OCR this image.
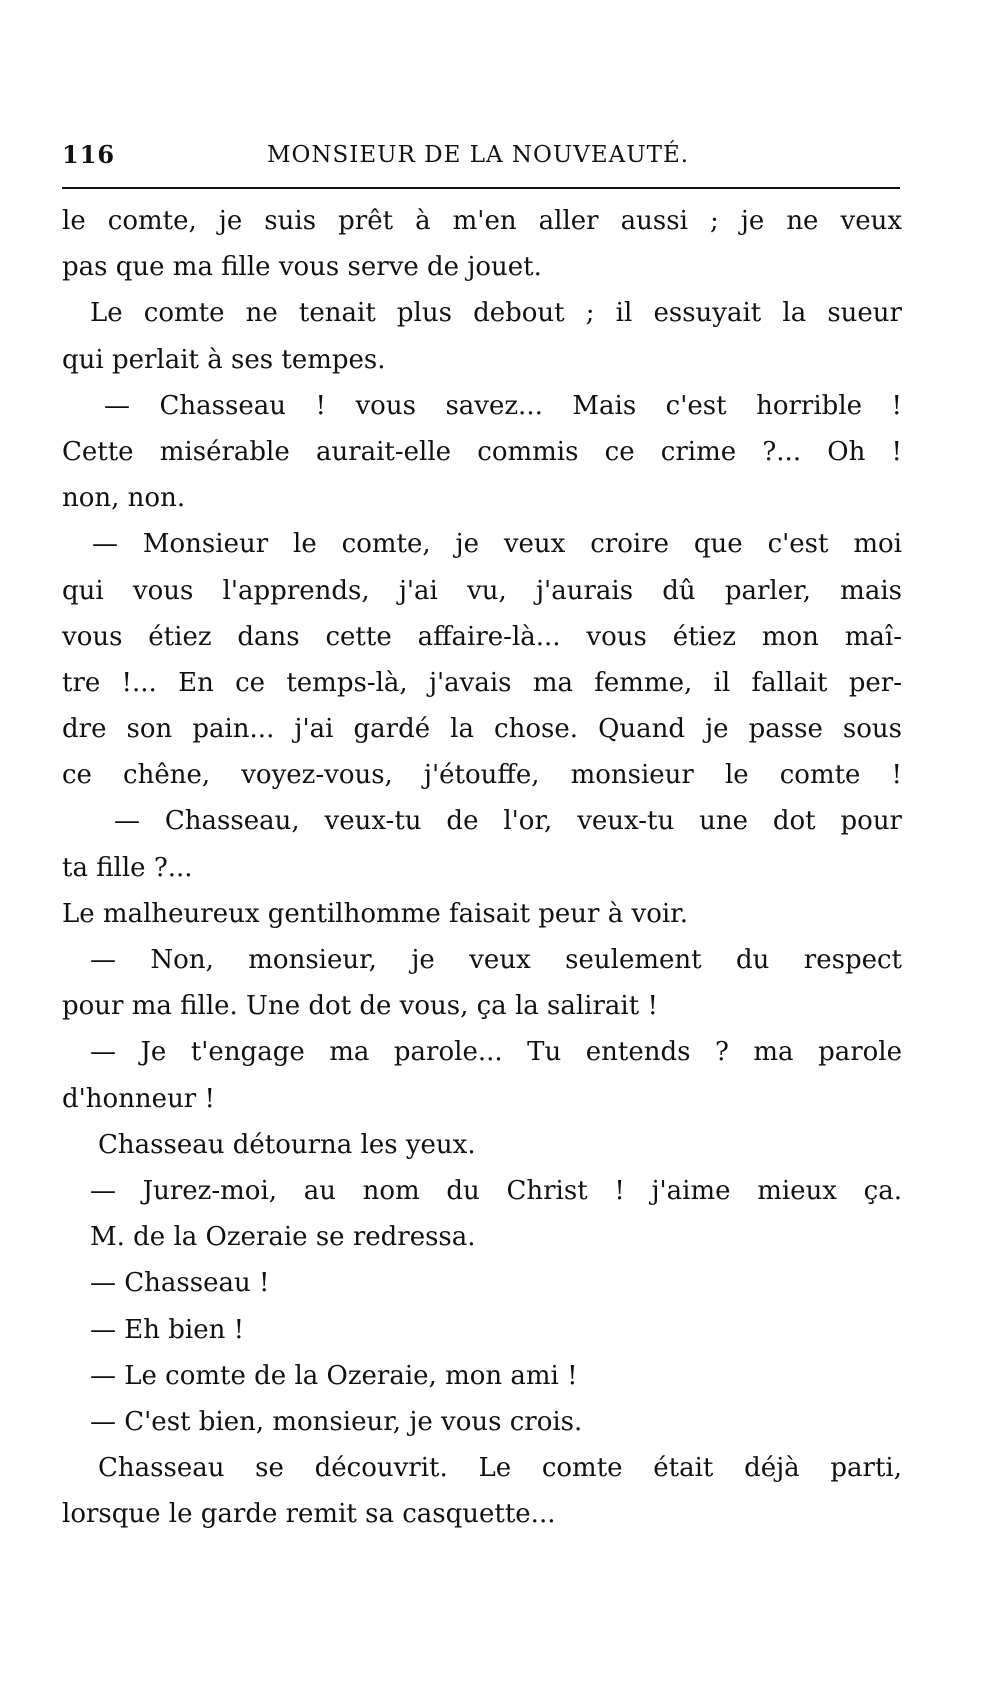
116	MONSIEUR DE LA NOUVEAUTÉ.
le comte, je suis prêt à m'en aller aussi ; je ne veux
pas que ma fille vous serve de jouet.
Le comte ne tenait plus debout ; il essuyait la sueur
qui perlait à ses tempes.
— Chasseau ! vous savez... Mais c'est horrible !
Cette misérable aurait-elle commis ce crime ?... Oh !
non, non.
— Monsieur le comte, je veux croire que c'est moi
qui vous l'apprends, j'ai vu, j'aurais dû parler, mais
vous étiez dans cette affaire-là... vous étiez mon maî-
tre !... En ce temps-là, j'avais ma femme, il fallait per-
dre son pain... j'ai gardé la chose. Quand je passe sous
ce chêne, voyez-vous, j'étouffe, monsieur le comte !
— Chasseau, veux-tu de l'or, veux-tu une dot pour
ta fille ?...
Le malheureux gentilhomme faisait peur à voir.
— Non, monsieur, je veux seulement du respect
pour ma fille. Une dot de vous, ça la salirait !
— Je t'engage ma parole... Tu entends ? ma parole
d'honneur !
Chasseau détourna les yeux.
— Jurez-moi, au nom du Christ ! j'aime mieux ça.
M. de la Ozeraie se redressa.
— Chasseau !
— Eh bien !
— Le comte de la Ozeraie, mon ami !
— C'est bien, monsieur, je vous crois.
Chasseau se découvrit. Le comte était déjà parti,
lorsque le garde remit sa casquette...
